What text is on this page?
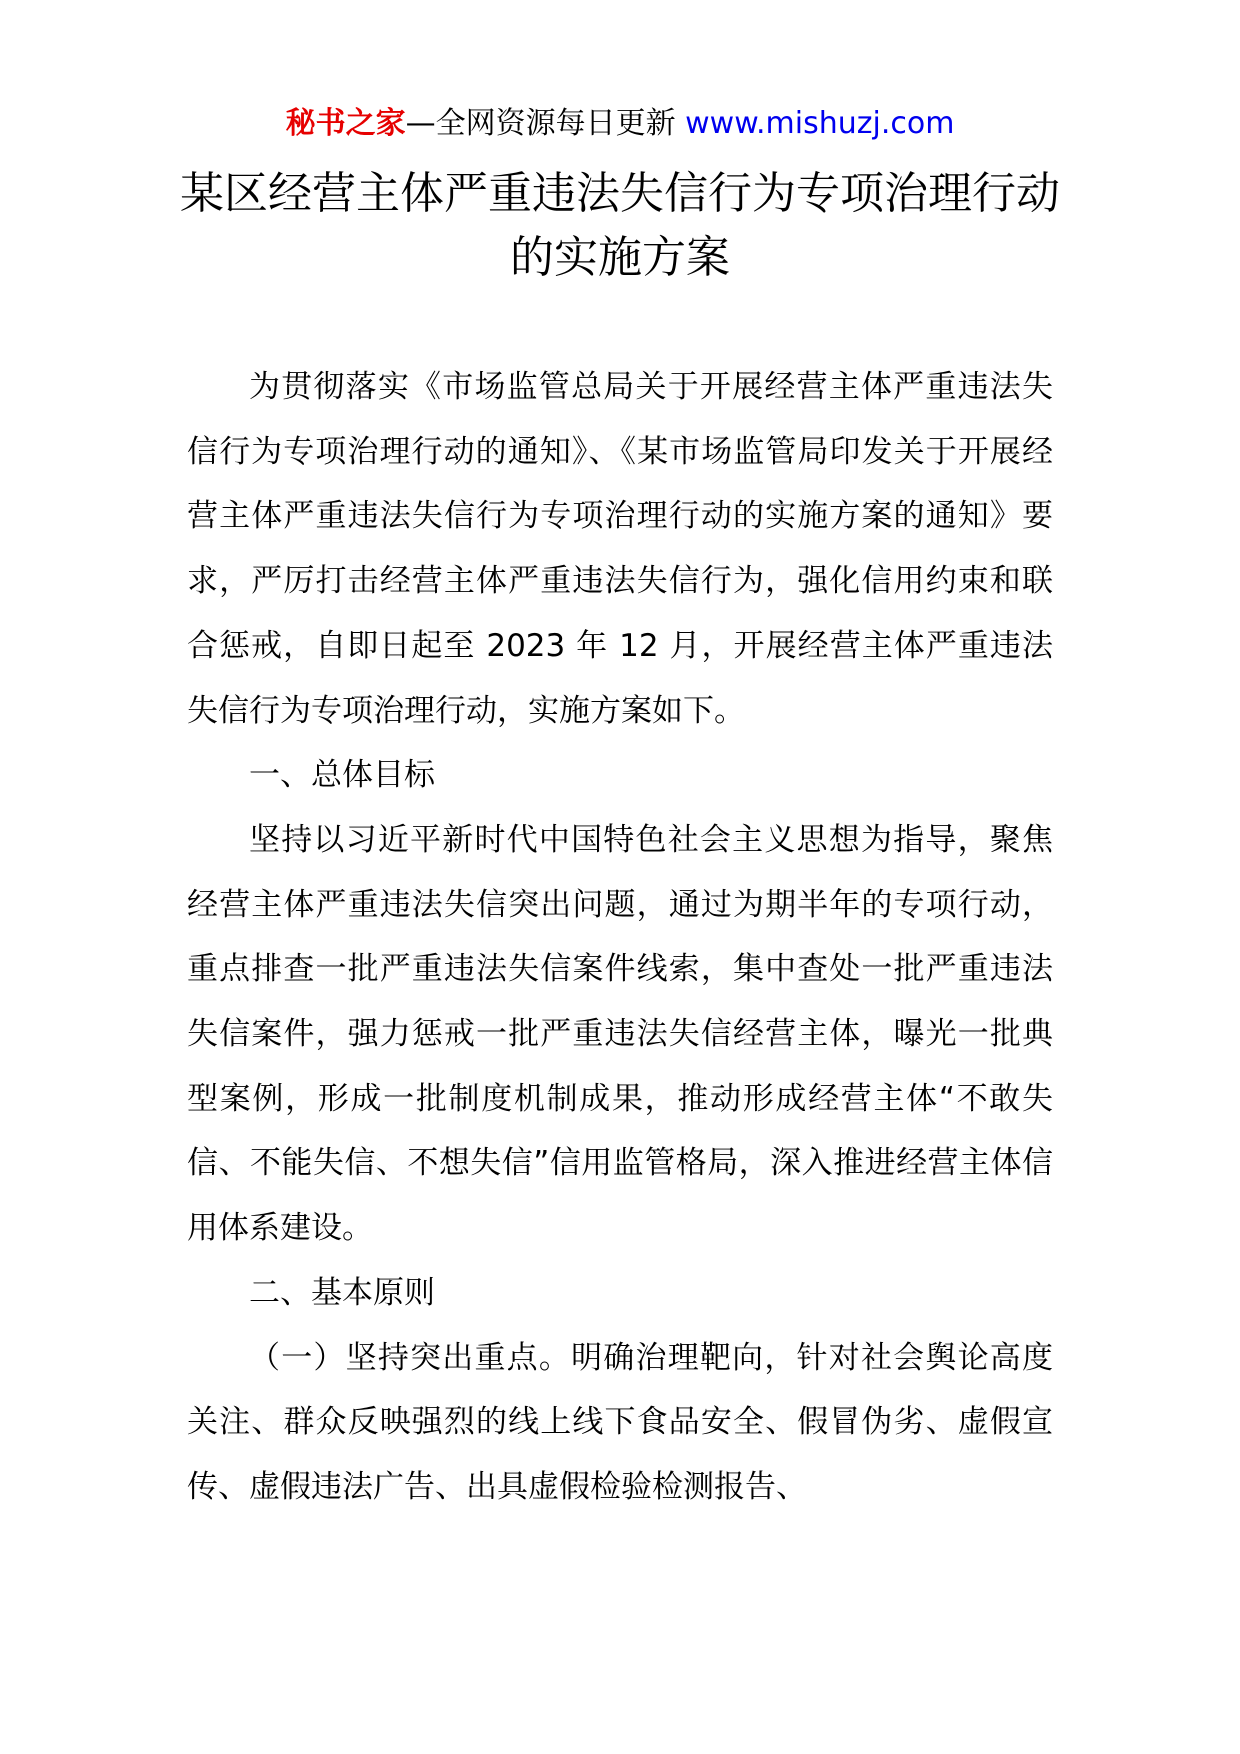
秘书之家—全网资源每日更新 www.mishuzj.com
某区经营主体严重违法失信行为专项治理行动的实施方案

为贯彻落实《市场监管总局关于开展经营主体严重违法失信行为专项治理行动的通知》、《某市场监管局印发关于开展经营主体严重违法失信行为专项治理行动的实施方案的通知》要求，严厉打击经营主体严重违法失信行为，强化信用约束和联合惩戒，自即日起至 2023 年 12 月，开展经营主体严重违法失信行为专项治理行动，实施方案如下。

一、总体目标

坚持以习近平新时代中国特色社会主义思想为指导，聚焦经营主体严重违法失信突出问题，通过为期半年的专项行动，重点排查一批严重违法失信案件线索，集中查处一批严重违法失信案件，强力惩戒一批严重违法失信经营主体，曝光一批典型案例，形成一批制度机制成果，推动形成经营主体“不敢失信、不能失信、不想失信”信用监管格局，深入推进经营主体信用体系建设。

二、基本原则

（一）坚持突出重点。明确治理靶向，针对社会舆论高度关注、群众反映强烈的线上线下食品安全、假冒伪劣、虚假宣传、虚假违法广告、出具虚假检验检测报告、
